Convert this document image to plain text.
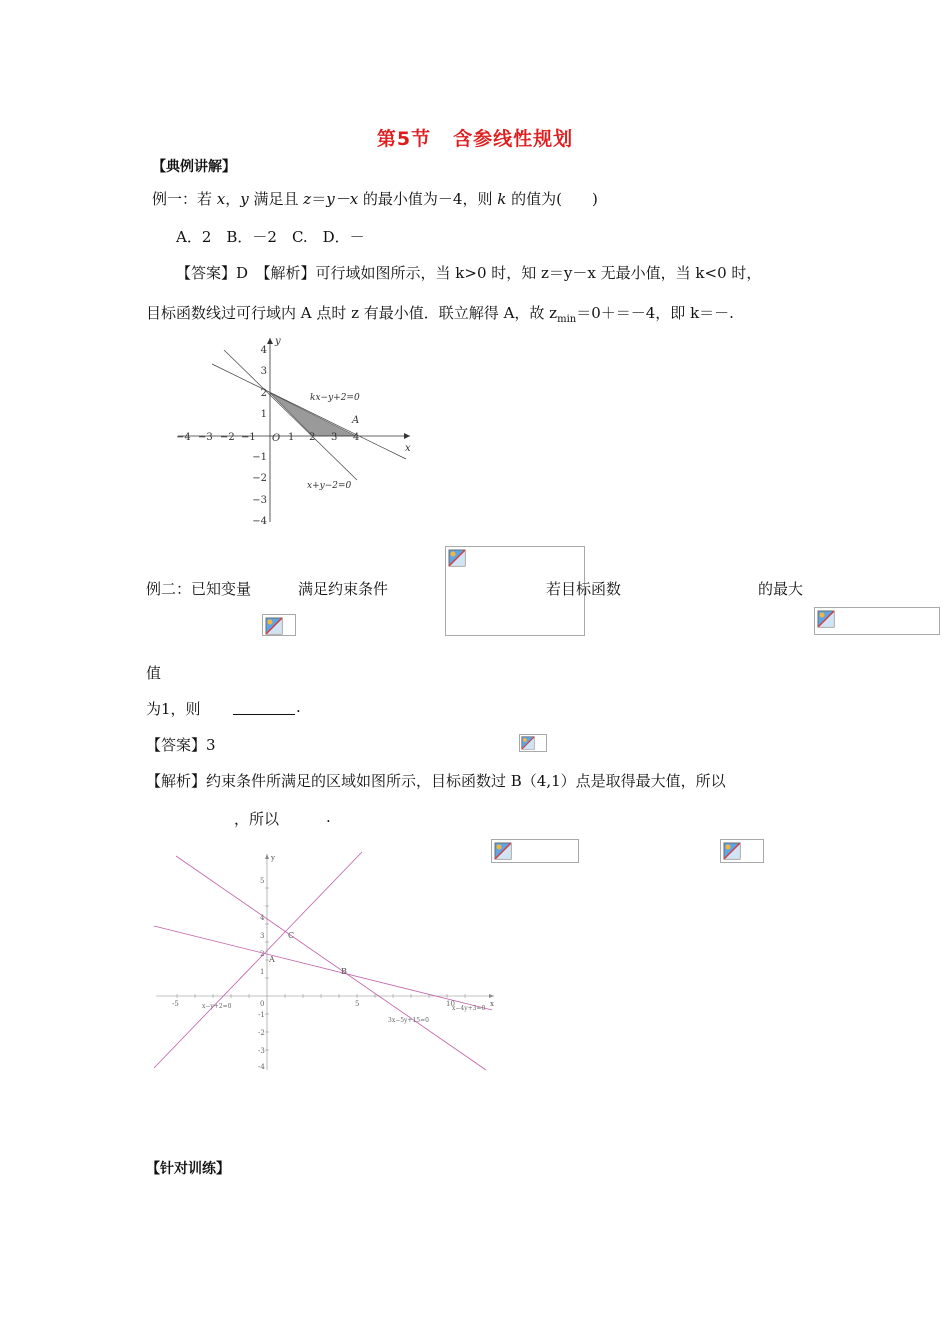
第5节 含参线性规划
【典例讲解】
例一：若 x，y 满足且 z＝y－x 的最小值为－4，则 k 的值为(　　)
A．2　B．－2　C.　D．－
【答案】D　【解析】可行域如图所示，当 k>0 时，知 z＝y－x 无最小值，当 k<0 时，
目标函数线过可行域内 A 点时 z 有最小值．联立解得 A，故 $z_{min}=0+=-4$，即 k＝－.
−4 −3 −2 −1	1 2 3 4
4
3
2
1
−1
−2
−3
−4
O
x
y
kx−y+2=0
x+y−2=0
A
例二：已知变量
	满足约束条件
	若目标函数
	的最大
值
为1，则
	.
【答案】3
【解析】约束条件所满足的区域如图所示，目标函数过 B（4,1）点是取得最大值，所以

，所以	.
5
4
3
2
1
-1
-2
-3
-4
-5	0	5	10
C
A
B
y
x
x−y+2=0
3x−5y+15=0
x−4y+3=0
【针对训练】
